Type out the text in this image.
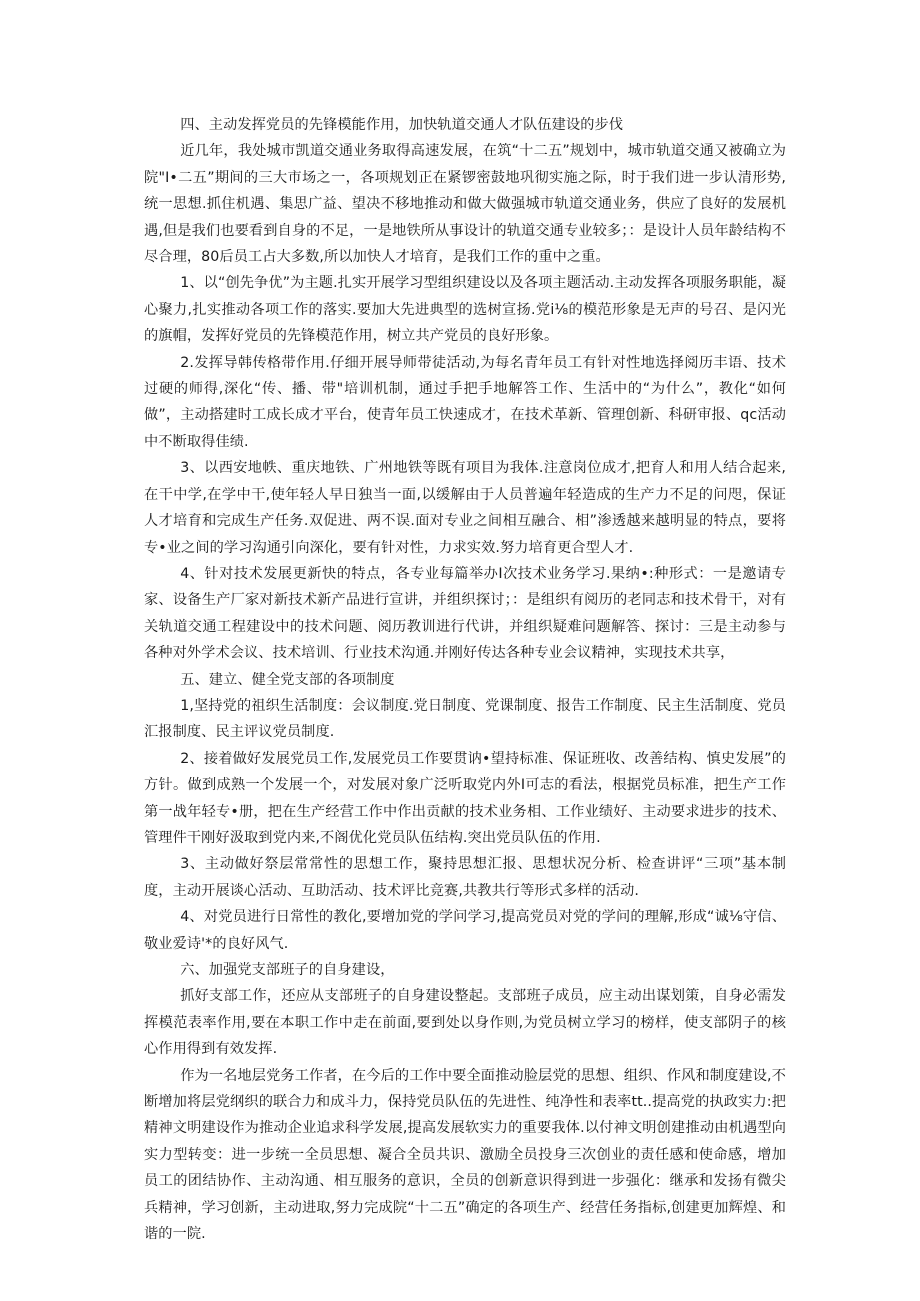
四、主动发挥党员的先锋模能作用，加快轨道交通人才队伍建设的步伐

近几年，我处城市凯道交通业务取得高速发展，在筑“十二五”规划中，城市轨道交通又被确立为院"I•二五”期间的三大市场之一，各项规划正在紧锣密鼓地巩彻实施之际，时于我们进一步认清形势,统一思想.抓住机遇、集思广益、望决不移地推动和做大做强城市轨道交通业务，供应了良好的发展机遇,但是我们也要看到自身的不足，一是地铁所从事设计的轨道交通专业较多；：是设计人员年龄结构不尽合理，80后员工占大多数,所以加快人才培育，是我们工作的重中之重。

1、以“创先争优”为主题.扎实开展学习型组织建设以及各项主题活动.主动发挥各项服务职能，凝心聚力,扎实推动各项工作的落实.要加大先进典型的选树宣扬.党i⅛的模范形象是无声的号召、是闪光的旗帽，发挥好党员的先锋模范作用，树立共产党员的良好形象。

2.发挥导韩传格带作用.仔细开展导师带徒活动,为每名青年员工有针对性地选择阅历丰语、技术过硬的师得,深化“传、播、带"培训机制，通过手把手地解答工作、生活中的“为什么”，教化“如何做”，主动搭建时工成长成才平台，使青年员工快速成才，在技术革新、管理创新、科研审报、qc活动中不断取得佳绩.

3、以西安地帙、重庆地铁、广州地铁等既有项目为我体.注意岗位成才,把育人和用人结合起来,在干中学,在学中干,使年轻人早日独当一面,以缓解由于人员普遍年轻造成的生产力不足的问咫，保证人才培育和完成生产任务.双促进、两不误.面对专业之间相互融合、相”渗透越来越明显的特点，要将专•业之间的学习沟通引向深化，要有针对性，力求实效.努力培育更合型人才.

4、针对技术发展更新快的特点，各专业每篇举办I次技术业务学习.果纳•:种形式：一是邀请专家、设备生产厂家对新技术新产品进行宣讲，并组织探讨；：是组织有阅历的老同志和技术骨干，对有关轨道交通工程建设中的技术问题、阅历教训进行代讲，并组织疑难问题解答、探讨：三是主动参与各种对外学术会议、技术培训、行业技术沟通.并刚好传达各种专业会议精神，实现技术共享，

五、建立、健全党支部的各项制度

1,坚持党的祖织生活制度：会议制度.党日制度、党课制度、报告工作制度、民主生活制度、党员汇报制度、民主评议党员制度.

2、接着做好发展党员工作,发展党员工作要贯讷•望持标准、保证班收、改善结构、慎史发展”的方针。做到成熟一个发展一个，对发展对象广泛听取党内外I可志的看法，根据党员标准，把生产工作第一战年轻专•册，把在生产经营工作中作出贡献的技术业务相、工作业绩好、主动要求进步的技术、管理件干刚好汲取到党内来,不阁优化党员队伍结构.突出党员队伍的作用.

3、主动做好祭层常常性的思想工作，聚持思想汇报、思想状况分析、检查讲评“三项”基本制度，主动开展谈心活动、互助活动、技术评比竞赛,共教共行等形式多样的活动.

4、对党员进行日常性的教化,要增加党的学问学习,提高党员对党的学问的理解,形成“诚⅛守信、敬业爱诗'*的良好风气.

六、加强党支部班子的自身建设，

抓好支部工作，还应从支部班子的自身建设整起。支部班子成员，应主动出谋划策，自身必需发挥模范表率作用,要在本职工作中走在前面,要到处以身作则,为党员树立学习的榜样，使支部阴子的核心作用得到有效发挥.

作为一名地层党务工作者，在今后的工作中要全面推动脸层党的思想、组织、作风和制度建设,不断增加将层党纲织的联合力和成斗力，保持党员队伍的先进性、纯净性和表率tt..提高党的执政实力:把精神文明建设作为推动企业追求科学发展,提高发展软实力的重要我体.以付神文明创建推动由机遇型向实力型转变：进一步统一全员思想、凝合全员共识、激励全员投身三次创业的责任感和使命感，增加员工的团结协作、主动沟通、相互服务的意识，全员的创新意识得到进一步强化：继承和发扬有微尖兵精神，学习创新，主动进取,努力完成院“十二五”确定的各项生产、经营任务指标,创建更加辉煌、和谐的一院.
